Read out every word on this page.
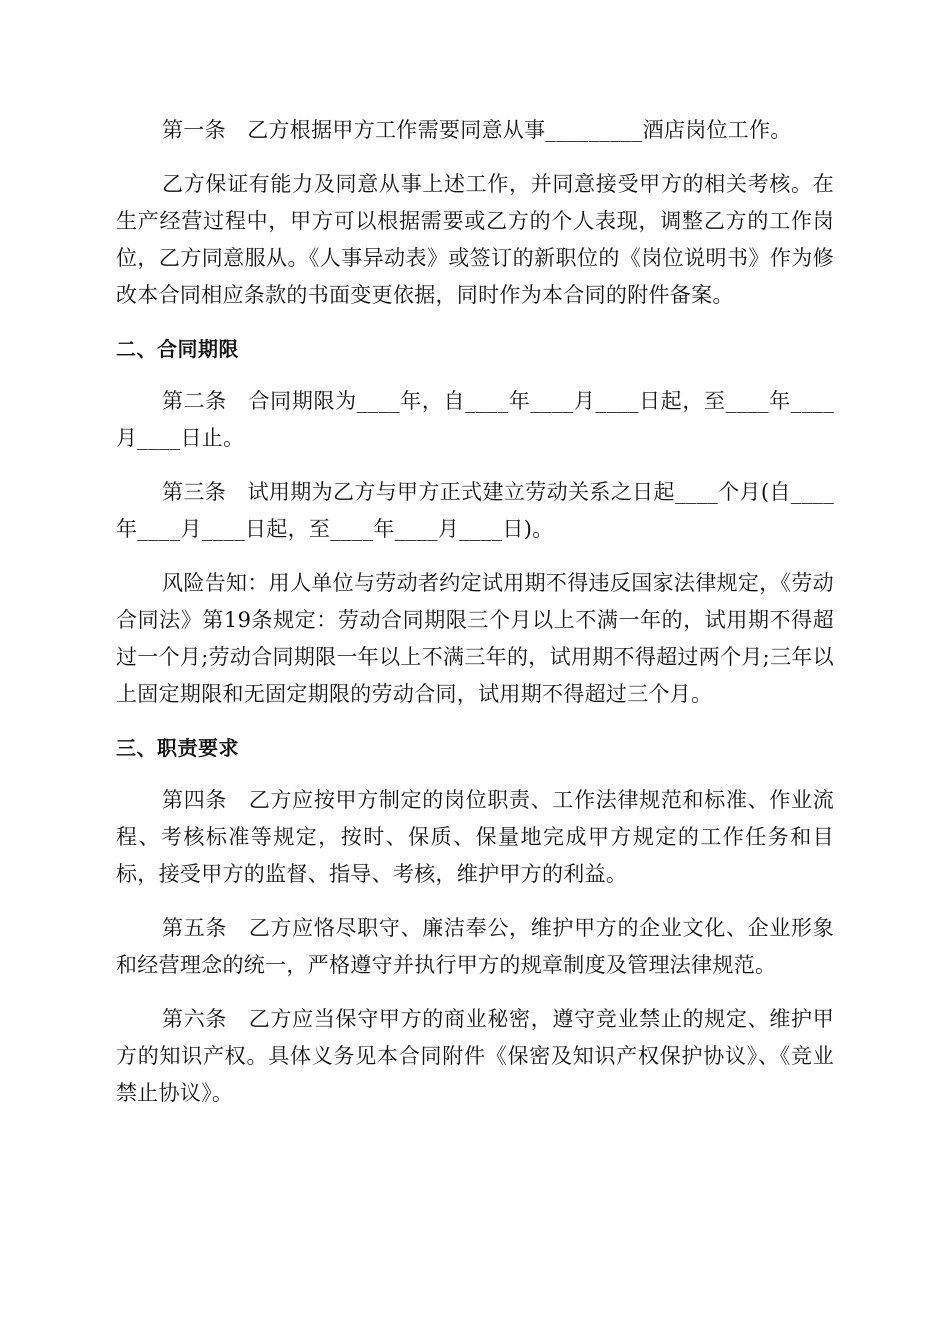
第一条　乙方根据甲方工作需要同意从事_________酒店岗位工作。

乙方保证有能力及同意从事上述工作，并同意接受甲方的相关考核。在生产经营过程中，甲方可以根据需要或乙方的个人表现，调整乙方的工作岗位，乙方同意服从。《人事异动表》或签订的新职位的《岗位说明书》作为修改本合同相应条款的书面变更依据，同时作为本合同的附件备案。

二、合同期限

第二条　合同期限为____年，自____年____月____日起，至____年____月____日止。

第三条　试用期为乙方与甲方正式建立劳动关系之日起____个月(自____年____月____日起，至____年____月____日)。

风险告知：用人单位与劳动者约定试用期不得违反国家法律规定，《劳动合同法》第19条规定：劳动合同期限三个月以上不满一年的，试用期不得超过一个月;劳动合同期限一年以上不满三年的，试用期不得超过两个月;三年以上固定期限和无固定期限的劳动合同，试用期不得超过三个月。

三、职责要求

第四条　乙方应按甲方制定的岗位职责、工作法律规范和标准、作业流程、考核标准等规定，按时、保质、保量地完成甲方规定的工作任务和目标，接受甲方的监督、指导、考核，维护甲方的利益。

第五条　乙方应恪尽职守、廉洁奉公，维护甲方的企业文化、企业形象和经营理念的统一，严格遵守并执行甲方的规章制度及管理法律规范。

第六条　乙方应当保守甲方的商业秘密，遵守竞业禁止的规定、维护甲方的知识产权。具体义务见本合同附件《保密及知识产权保护协议》、《竞业禁止协议》。
